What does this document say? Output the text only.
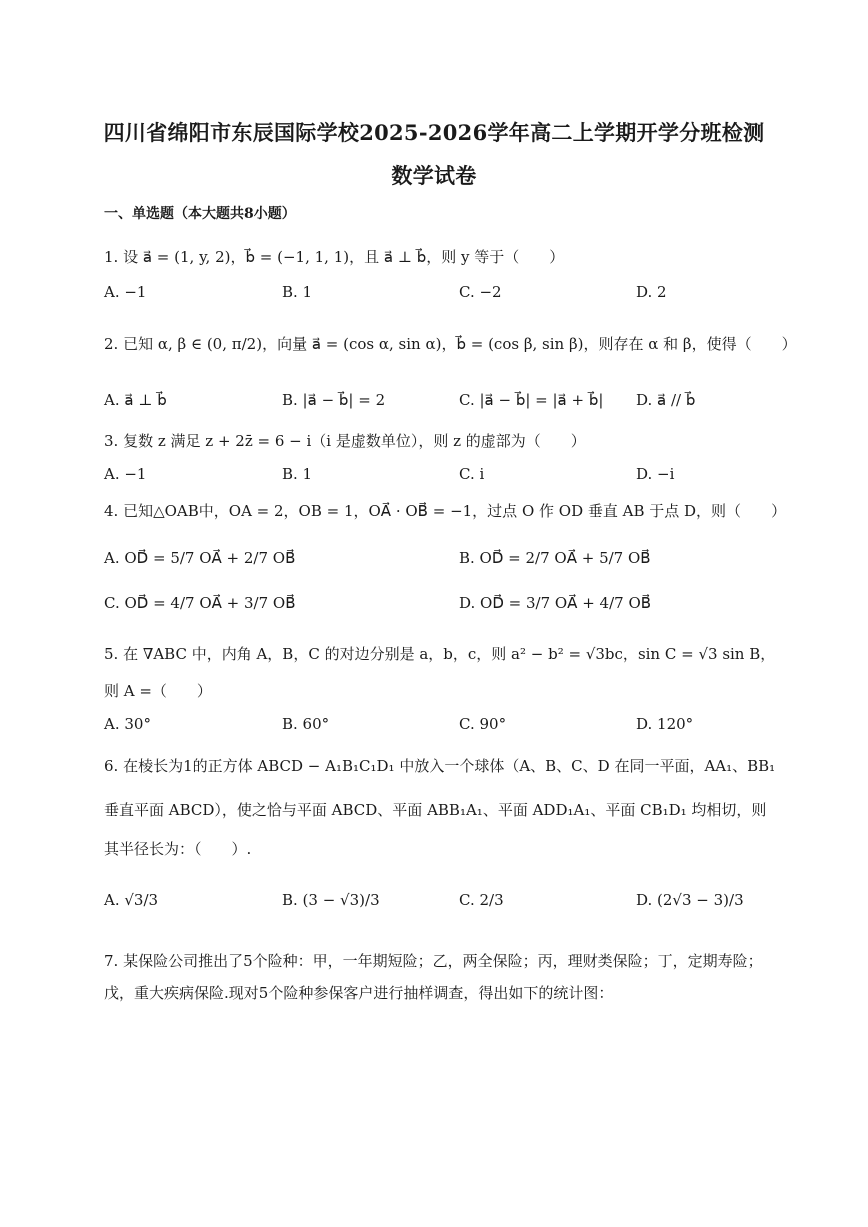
四川省绵阳市东辰国际学校2025-2026学年高二上学期开学分班检测
数学试卷
一、单选题（本大题共8小题）
1. 设 a⃗ = (1, y, 2)，b⃗ = (−1, 1, 1)，且 a⃗ ⊥ b⃗，则 y 等于（　　）
A. −1	B. 1	C. −2	D. 2
2. 已知 α, β ∈ (0, π/2)，向量 a⃗ = (cos α, sin α)，b⃗ = (cos β, sin β)，则存在 α 和 β，使得（　　）
A. a⃗ ⊥ b⃗	B. |a⃗ − b⃗| = 2	C. |a⃗ − b⃗| = |a⃗ + b⃗| D. a⃗ // b⃗
3. 复数 z 满足 z + 2z̄ = 6 − i（i 是虚数单位），则 z 的虚部为（　　）
A. −1	B. 1	C. i	D. −i
4. 已知△OAB中，OA = 2，OB = 1，OA⃗ · OB⃗ = −1，过点 O 作 OD 垂直 AB 于点 D，则（　　）
A. OD⃗ = 5/7 OA⃗ + 2/7 OB⃗	B. OD⃗ = 2/7 OA⃗ + 5/7 OB⃗
C. OD⃗ = 4/7 OA⃗ + 3/7 OB⃗	D. OD⃗ = 3/7 OA⃗ + 4/7 OB⃗
5. 在 ∇ABC 中，内角 A，B，C 的对边分别是 a，b，c，则 a² − b² = √3bc，sin C = √3 sin B，
则 A =（　　）
A. 30°	B. 60°	C. 90°	D. 120°
6. 在棱长为1的正方体 ABCD − A₁B₁C₁D₁ 中放入一个球体（A、B、C、D 在同一平面，AA₁、BB₁
垂直平面 ABCD），使之恰与平面 ABCD、平面 ABB₁A₁、平面 ADD₁A₁、平面 CB₁D₁ 均相切，则
其半径长为：（　　）.
A. √3/3	B. (3 − √3)/3	C. 2/3	D. (2√3 − 3)/3
7. 某保险公司推出了5个险种：甲，一年期短险；乙，两全保险；丙，理财类保险；丁，定期寿险；
戊，重大疾病保险.现对5个险种参保客户进行抽样调查，得出如下的统计图：
